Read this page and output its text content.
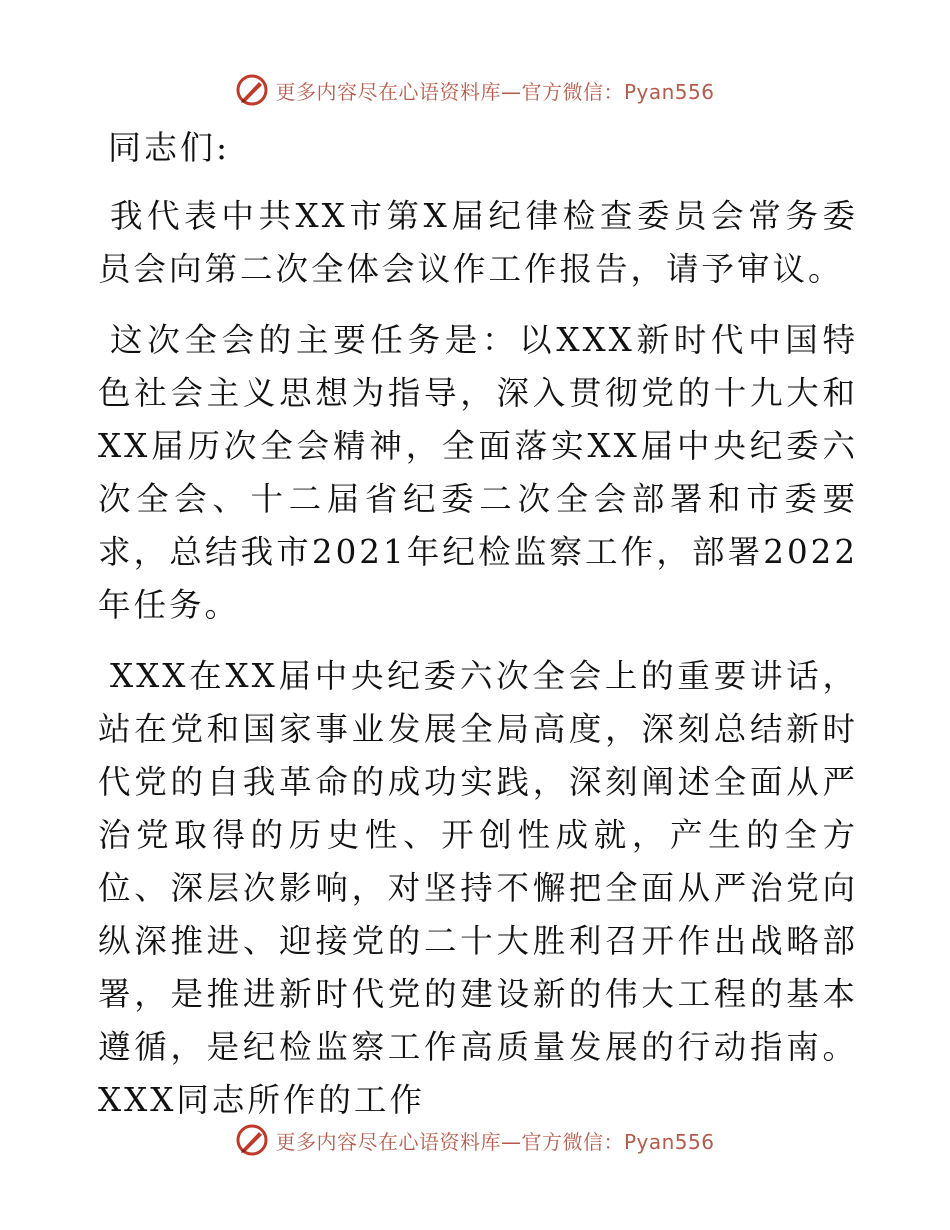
更多内容尽在心语资料库—官方微信：Pyan556
同志们:

我代表中共XX市第X届纪律检查委员会常务委员会向第二次全体会议作工作报告，请予审议。

这次全会的主要任务是：以XXX新时代中国特色社会主义思想为指导，深入贯彻党的十九大和XX届历次全会精神，全面落实XX届中央纪委六次全会、十二届省纪委二次全会部署和市委要求，总结我市2021年纪检监察工作，部署2022年任务。

XXX在XX届中央纪委六次全会上的重要讲话，站在党和国家事业发展全局高度，深刻总结新时代党的自我革命的成功实践，深刻阐述全面从严治党取得的历史性、开创性成就，产生的全方位、深层次影响，对坚持不懈把全面从严治党向纵深推进、迎接党的二十大胜利召开作出战略部署，是推进新时代党的建设新的伟大工程的基本遵循，是纪检监察工作高质量发展的行动指南。XXX同志所作的工作

更多内容尽在心语资料库—官方微信：Pyan556
